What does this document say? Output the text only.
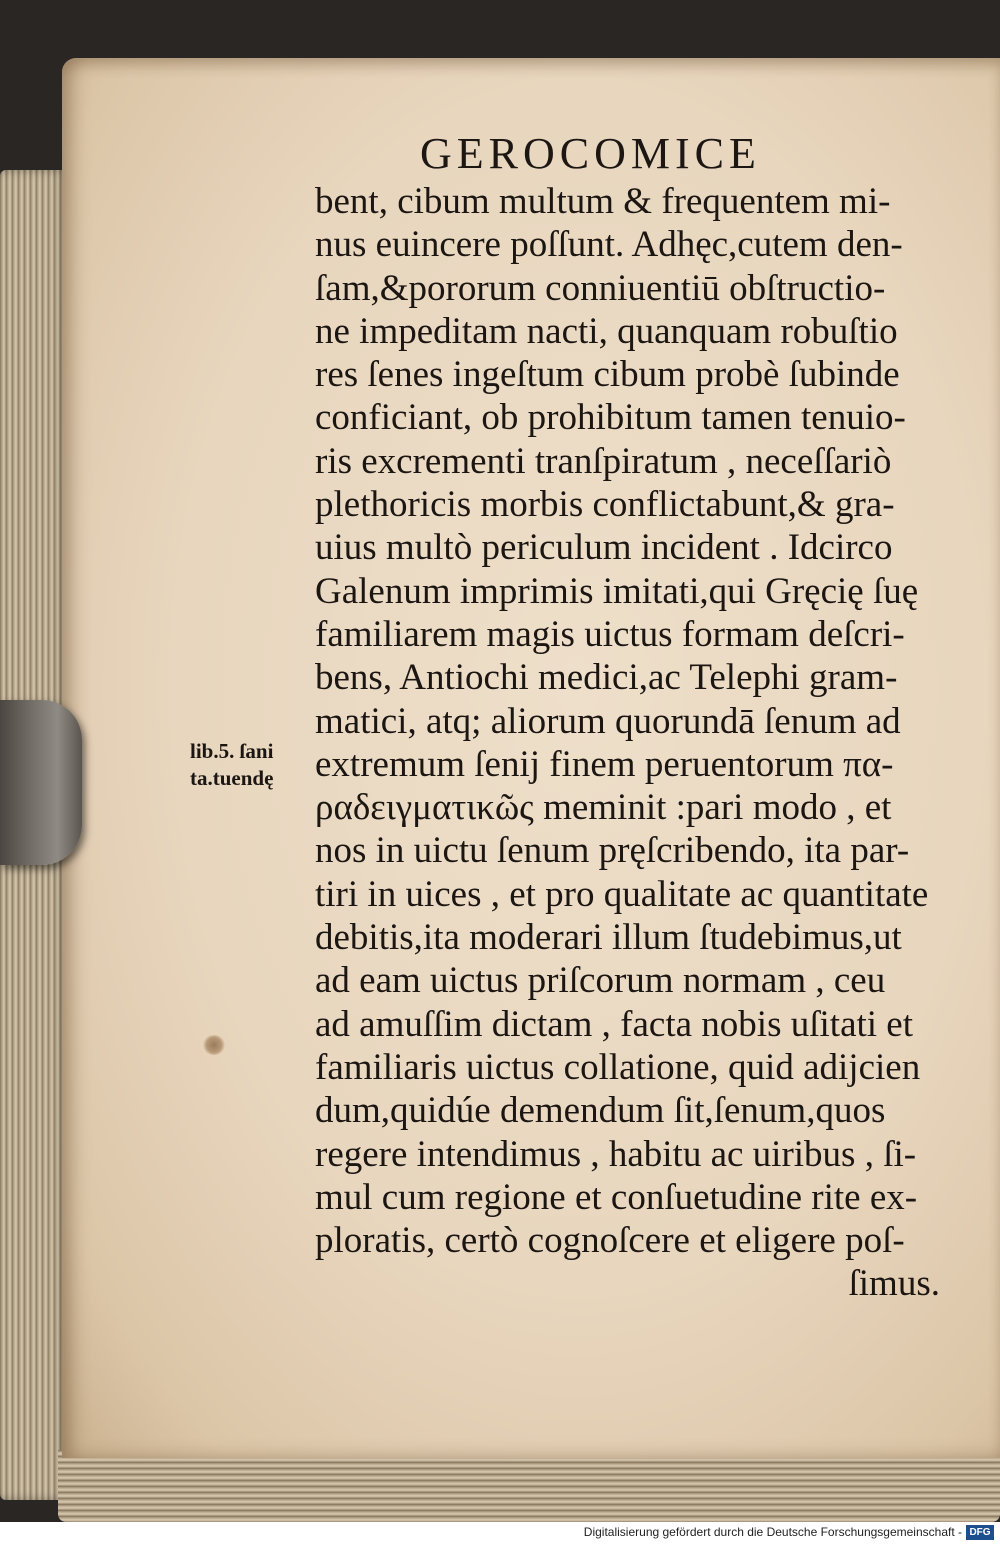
GEROCOMICE
bent, cibum multum & frequentem mi-
nus euincere poſſunt. Adhęc,cutem den-
ſam,&pororum conniuentiū obſtructio-
ne impeditam nacti, quanquam robuſtio
res ſenes ingeſtum cibum probè ſubinde
conficiant, ob prohibitum tamen tenuio-
ris excrementi tranſpiratum , neceſſariò
plethoricis morbis conflictabunt,& gra-
uius multò periculum incident . Idcirco
Galenum imprimis imitati,qui Gręcię ſuę
familiarem magis uictus formam deſcri-
bens, Antiochi medici,ac Telephi gram-
matici, atq; aliorum quorundā ſenum ad
extremum ſenij finem peruentorum πα-
ραδειγματικῶς meminit :pari modo , et
nos in uictu ſenum pręſcribendo, ita par-
tiri in uices , et pro qualitate ac quantitate
debitis,ita moderari illum ſtudebimus,ut
ad eam uictus priſcorum normam , ceu
ad amuſſim dictam , facta nobis uſitati et
familiaris uictus collatione, quid adijcien
dum,quidúe demendum ſit,ſenum,quos
regere intendimus , habitu ac uiribus , ſi-
mul cum regione et conſuetudine rite ex-
ploratis, certò cognoſcere et eligere poſ-
ſimus.
lib.5. ſani
ta.tuendę
Digitalisierung gefördert durch die Deutsche Forschungsgemeinschaft - DFG
